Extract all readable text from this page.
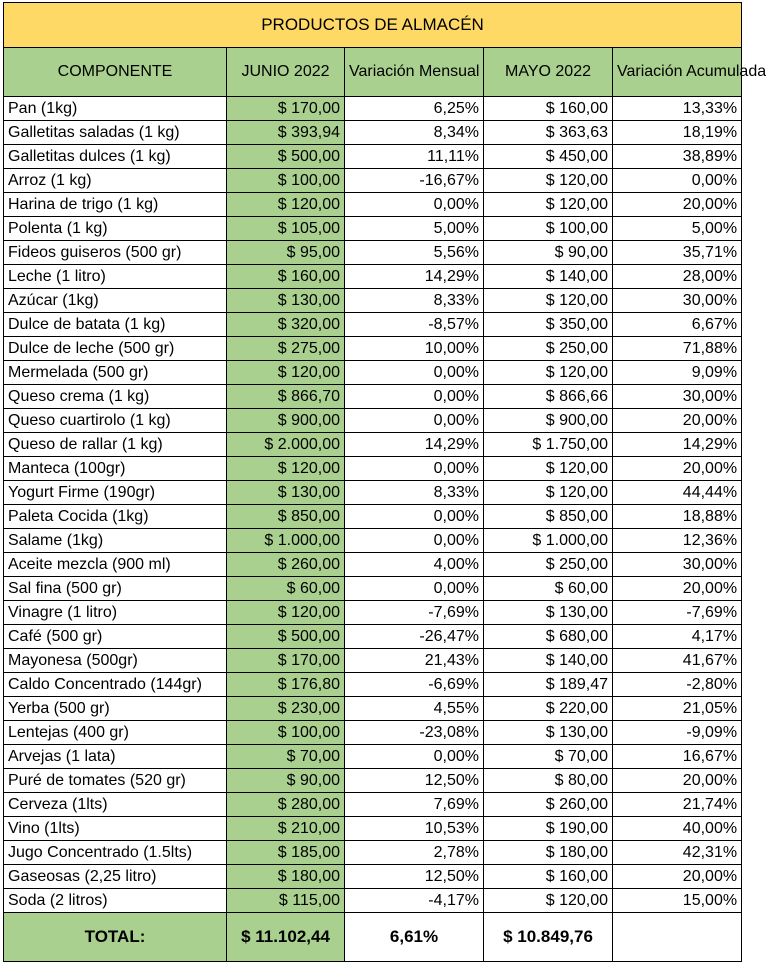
PRODUCTOS DE ALMACÉN				
COMPONENTE	JUNIO 2022	Variación Mensual	MAYO 2022	Variación Acumulada
Pan (1kg)	$ 170,00	6,25%	$ 160,00	13,33%
Galletitas saladas (1 kg)	$ 393,94	8,34%	$ 363,63	18,19%
Galletitas dulces (1 kg)	$ 500,00	11,11%	$ 450,00	38,89%
Arroz (1 kg)	$ 100,00	-16,67%	$ 120,00	0,00%
Harina de trigo (1 kg)	$ 120,00	0,00%	$ 120,00	20,00%
Polenta (1 kg)	$ 105,00	5,00%	$ 100,00	5,00%
Fideos guiseros (500 gr)	$ 95,00	5,56%	$ 90,00	35,71%
Leche (1 litro)	$ 160,00	14,29%	$ 140,00	28,00%
Azúcar (1kg)	$ 130,00	8,33%	$ 120,00	30,00%
Dulce de batata (1 kg)	$ 320,00	-8,57%	$ 350,00	6,67%
Dulce de leche (500 gr)	$ 275,00	10,00%	$ 250,00	71,88%
Mermelada (500 gr)	$ 120,00	0,00%	$ 120,00	9,09%
Queso crema (1 kg)	$ 866,70	0,00%	$ 866,66	30,00%
Queso cuartirolo (1 kg)	$ 900,00	0,00%	$ 900,00	20,00%
Queso de rallar (1 kg)	$ 2.000,00	14,29%	$ 1.750,00	14,29%
Manteca (100gr)	$ 120,00	0,00%	$ 120,00	20,00%
Yogurt Firme (190gr)	$ 130,00	8,33%	$ 120,00	44,44%
Paleta Cocida (1kg)	$ 850,00	0,00%	$ 850,00	18,88%
Salame (1kg)	$ 1.000,00	0,00%	$ 1.000,00	12,36%
Aceite mezcla (900 ml)	$ 260,00	4,00%	$ 250,00	30,00%
Sal fina (500 gr)	$ 60,00	0,00%	$ 60,00	20,00%
Vinagre (1 litro)	$ 120,00	-7,69%	$ 130,00	-7,69%
Café (500 gr)	$ 500,00	-26,47%	$ 680,00	4,17%
Mayonesa (500gr)	$ 170,00	21,43%	$ 140,00	41,67%
Caldo Concentrado (144gr)	$ 176,80	-6,69%	$ 189,47	-2,80%
Yerba (500 gr)	$ 230,00	4,55%	$ 220,00	21,05%
Lentejas (400 gr)	$ 100,00	-23,08%	$ 130,00	-9,09%
Arvejas (1 lata)	$ 70,00	0,00%	$ 70,00	16,67%
Puré de tomates (520 gr)	$ 90,00	12,50%	$ 80,00	20,00%
Cerveza (1lts)	$ 280,00	7,69%	$ 260,00	21,74%
Vino (1lts)	$ 210,00	10,53%	$ 190,00	40,00%
Jugo Concentrado (1.5lts)	$ 185,00	2,78%	$ 180,00	42,31%
Gaseosas (2,25 litro)	$ 180,00	12,50%	$ 160,00	20,00%
Soda (2 litros)	$ 115,00	-4,17%	$ 120,00	15,00%
TOTAL:	$ 11.102,44	6,61%	$ 10.849,76	
